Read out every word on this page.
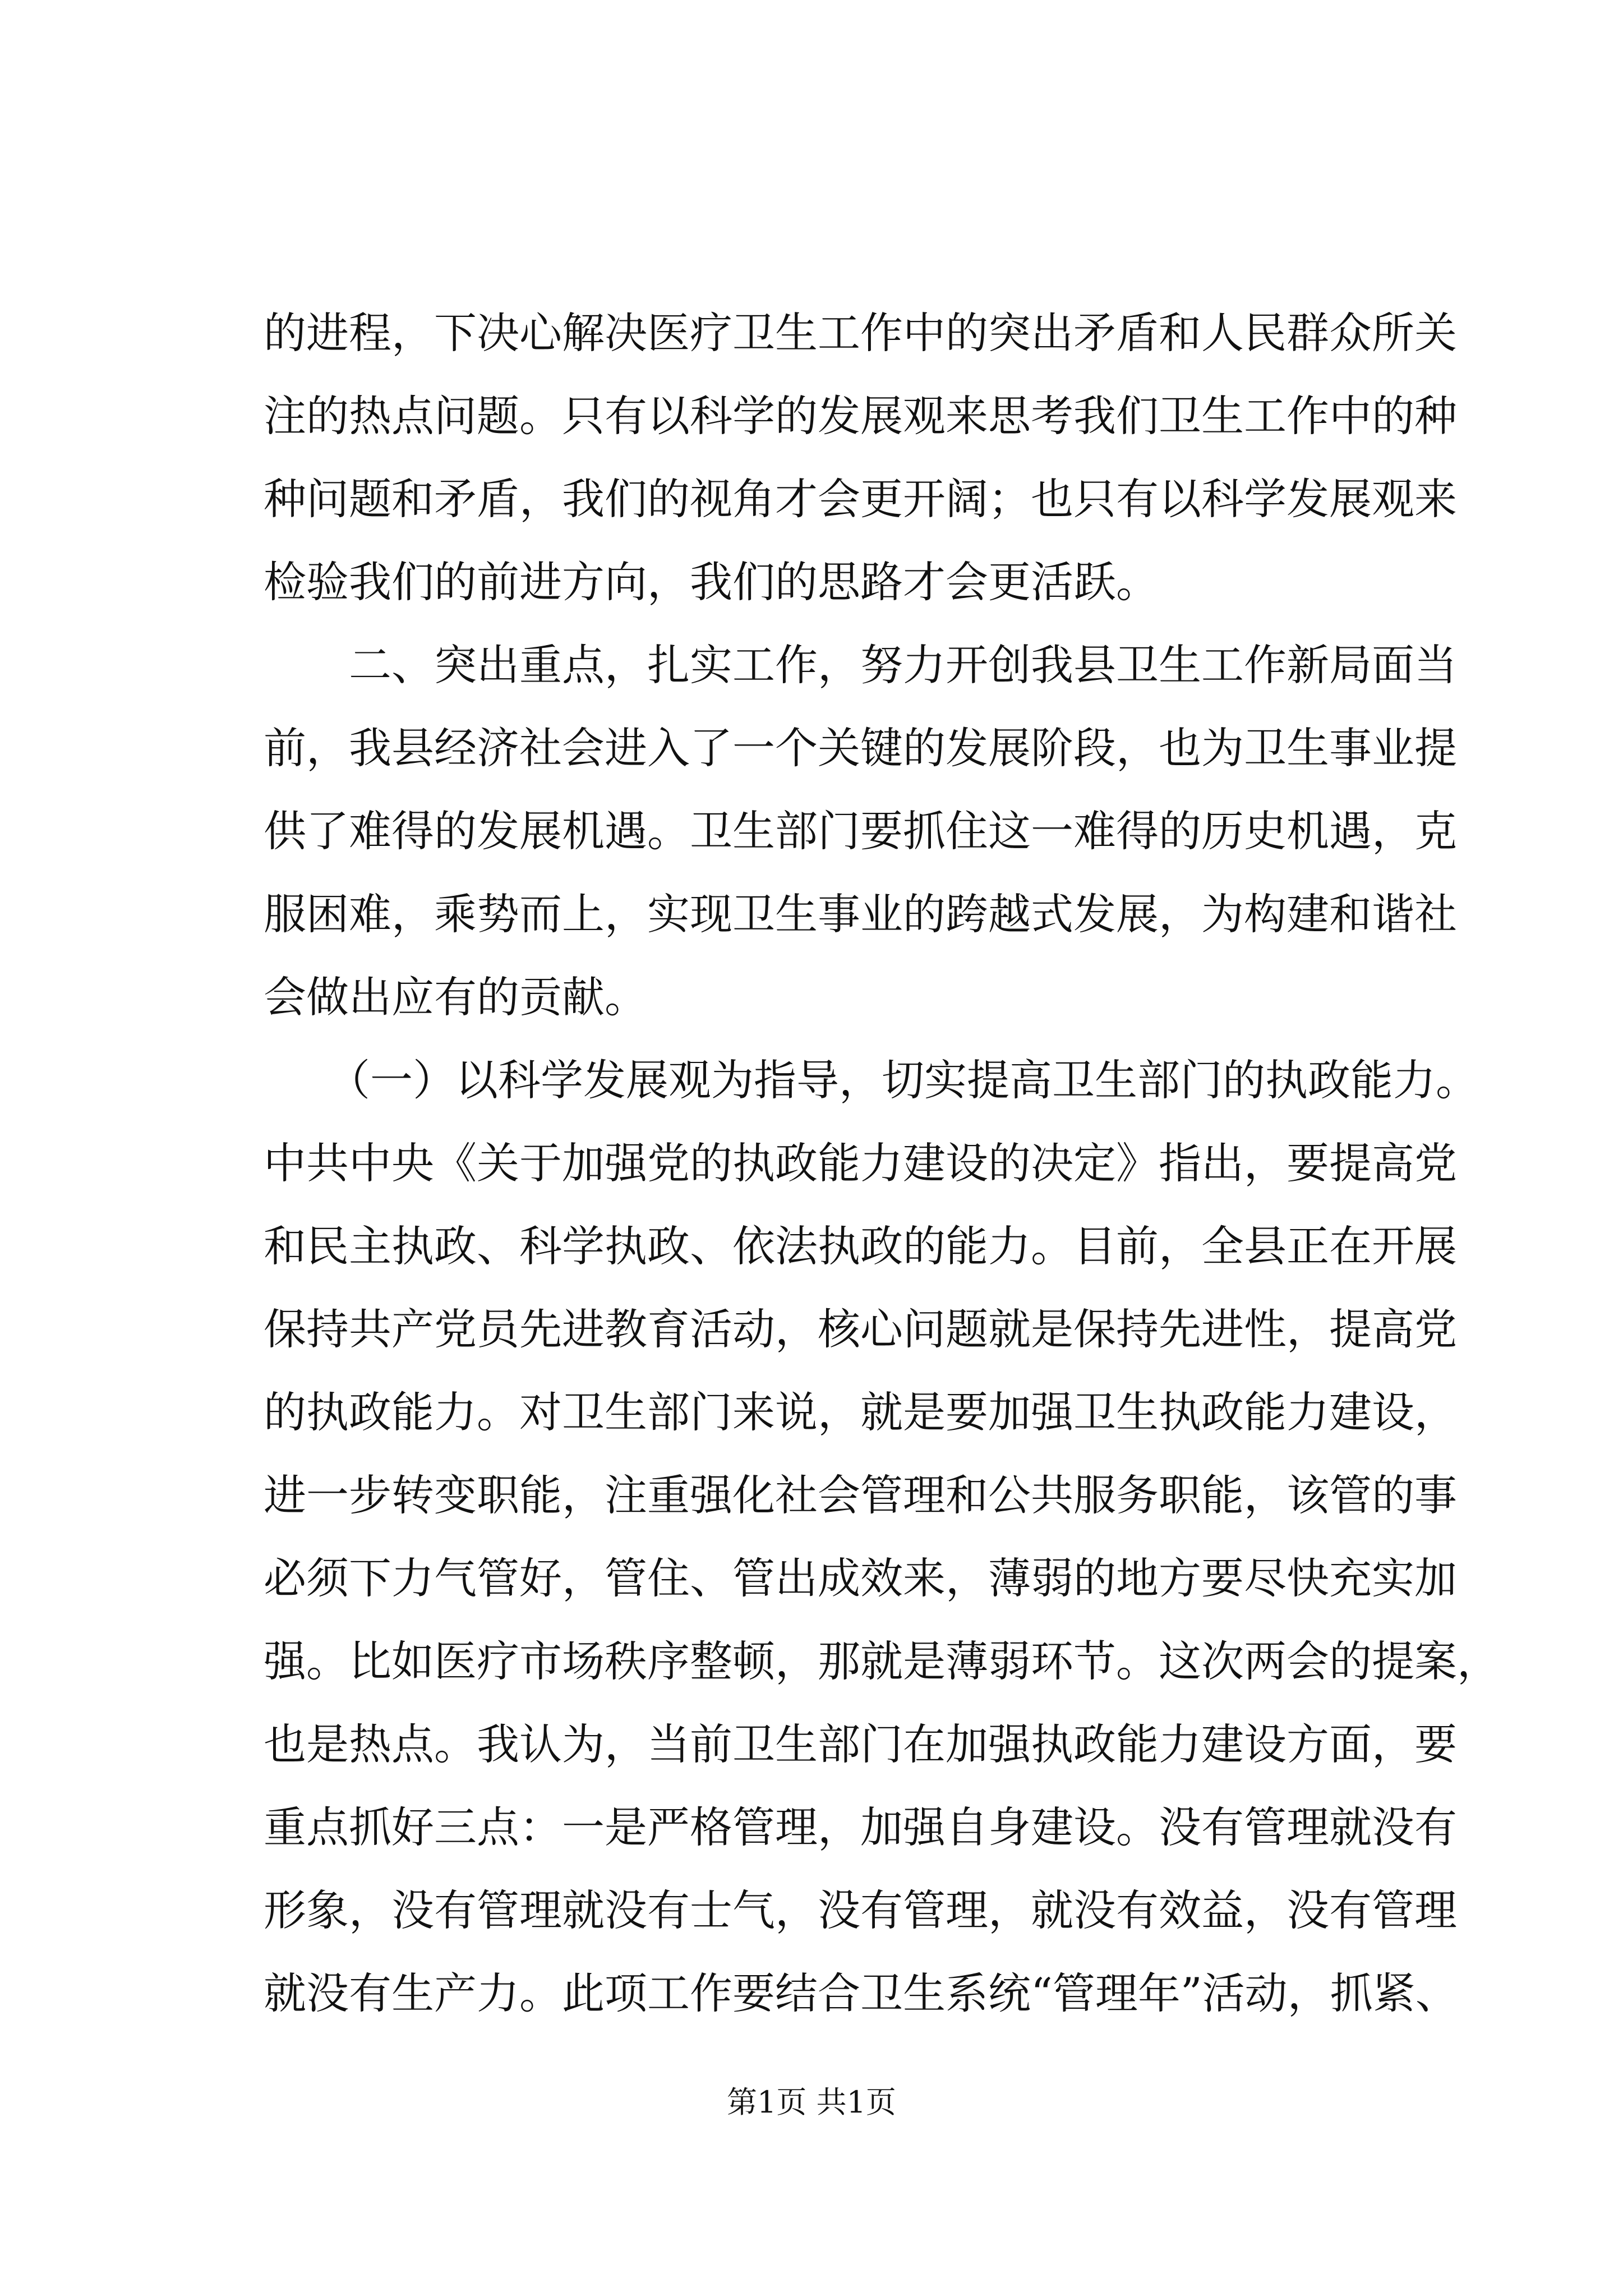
的进程，下决心解决医疗卫生工作中的突出矛盾和人民群众所关
注的热点问题。只有以科学的发展观来思考我们卫生工作中的种
种问题和矛盾，我们的视角才会更开阔；也只有以科学发展观来
检验我们的前进方向，我们的思路才会更活跃。
　　二、突出重点，扎实工作，努力开创我县卫生工作新局面当
前，我县经济社会进入了一个关键的发展阶段，也为卫生事业提
供了难得的发展机遇。卫生部门要抓住这一难得的历史机遇，克
服困难，乘势而上，实现卫生事业的跨越式发展，为构建和谐社
会做出应有的贡献。
　　（一）以科学发展观为指导，切实提高卫生部门的执政能力。
中共中央《关于加强党的执政能力建设的决定》指出，要提高党
和民主执政、科学执政、依法执政的能力。目前，全县正在开展
保持共产党员先进教育活动，核心问题就是保持先进性，提高党
的执政能力。对卫生部门来说，就是要加强卫生执政能力建设，
进一步转变职能，注重强化社会管理和公共服务职能，该管的事
必须下力气管好，管住、管出成效来，薄弱的地方要尽快充实加
强。比如医疗市场秩序整顿，那就是薄弱环节。这次两会的提案，
也是热点。我认为，当前卫生部门在加强执政能力建设方面，要
重点抓好三点：一是严格管理，加强自身建设。没有管理就没有
形象，没有管理就没有士气，没有管理，就没有效益，没有管理
就没有生产力。此项工作要结合卫生系统“管理年”活动，抓紧、
第1页 共1页
